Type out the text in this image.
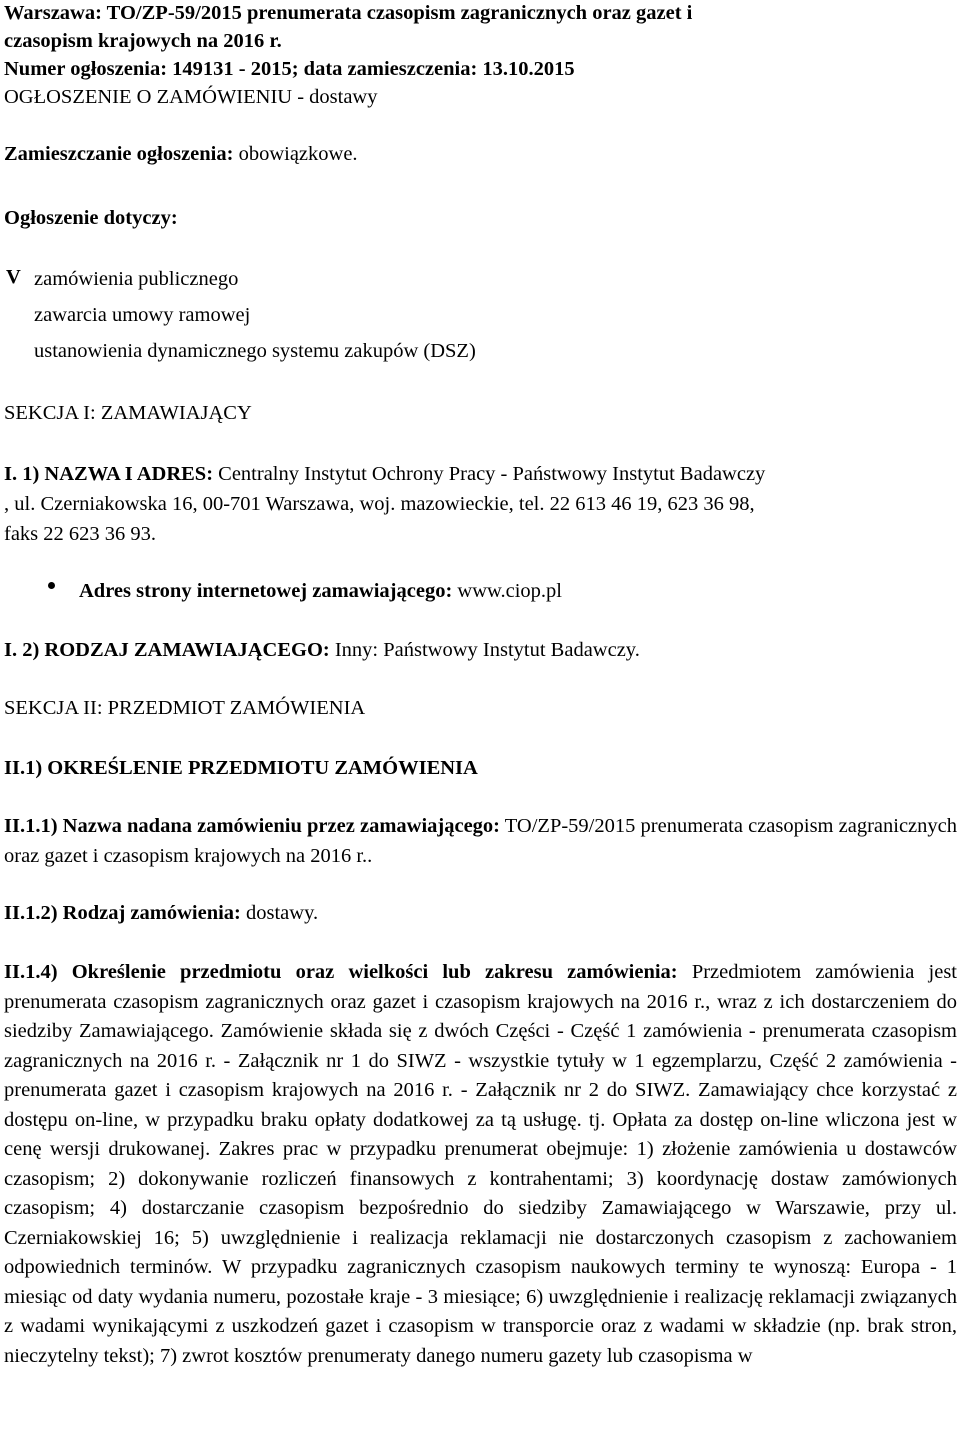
Warszawa: TO/ZP-59/2015 prenumerata czasopism zagranicznych oraz gazet i
czasopism krajowych na 2016 r.
Numer ogłoszenia: 149131 - 2015; data zamieszczenia: 13.10.2015
OGŁOSZENIE O ZAMÓWIENIU - dostawy
Zamieszczanie ogłoszenia: obowiązkowe.
Ogłoszenie dotyczy:
V zamówienia publicznego
zawarcia umowy ramowej
ustanowienia dynamicznego systemu zakupów (DSZ)
SEKCJA I: ZAMAWIAJĄCY
I. 1) NAZWA I ADRES: Centralny Instytut Ochrony Pracy - Państwowy Instytut Badawczy
, ul. Czerniakowska 16, 00-701 Warszawa, woj. mazowieckie, tel. 22 613 46 19, 623 36 98,
faks 22 623 36 93.
Adres strony internetowej zamawiającego: www.ciop.pl
I. 2) RODZAJ ZAMAWIAJĄCEGO: Inny: Państwowy Instytut Badawczy.
SEKCJA II: PRZEDMIOT ZAMÓWIENIA
II.1) OKREŚLENIE PRZEDMIOTU ZAMÓWIENIA
II.1.1) Nazwa nadana zamówieniu przez zamawiającego: TO/ZP-59/2015 prenumerata czasopism zagranicznych oraz gazet i czasopism krajowych na 2016 r..
II.1.2) Rodzaj zamówienia: dostawy.
II.1.4) Określenie przedmiotu oraz wielkości lub zakresu zamówienia: Przedmiotem zamówienia jest prenumerata czasopism zagranicznych oraz gazet i czasopism krajowych na 2016 r., wraz z ich dostarczeniem do siedziby Zamawiającego. Zamówienie składa się z dwóch Części - Część 1 zamówienia - prenumerata czasopism zagranicznych na 2016 r. - Załącznik nr 1 do SIWZ - wszystkie tytuły w 1 egzemplarzu, Część 2 zamówienia - prenumerata gazet i czasopism krajowych na 2016 r. - Załącznik nr 2 do SIWZ. Zamawiający chce korzystać z dostępu on-line, w przypadku braku opłaty dodatkowej za tą usługę. tj. Opłata za dostęp on-line wliczona jest w cenę wersji drukowanej. Zakres prac w przypadku prenumerat obejmuje: 1) złożenie zamówienia u dostawców czasopism; 2) dokonywanie rozliczeń finansowych z kontrahentami; 3) koordynację dostaw zamówionych czasopism; 4) dostarczanie czasopism bezpośrednio do siedziby Zamawiającego w Warszawie, przy ul. Czerniakowskiej 16; 5) uwzględnienie i realizacja reklamacji nie dostarczonych czasopism z zachowaniem odpowiednich terminów. W przypadku zagranicznych czasopism naukowych terminy te wynoszą: Europa - 1 miesiąc od daty wydania numeru, pozostałe kraje - 3 miesiące; 6) uwzględnienie i realizację reklamacji związanych z wadami wynikającymi z uszkodzeń gazet i czasopism w transporcie oraz z wadami w składzie (np. brak stron, nieczytelny tekst); 7) zwrot kosztów prenumeraty danego numeru gazety lub czasopisma w
